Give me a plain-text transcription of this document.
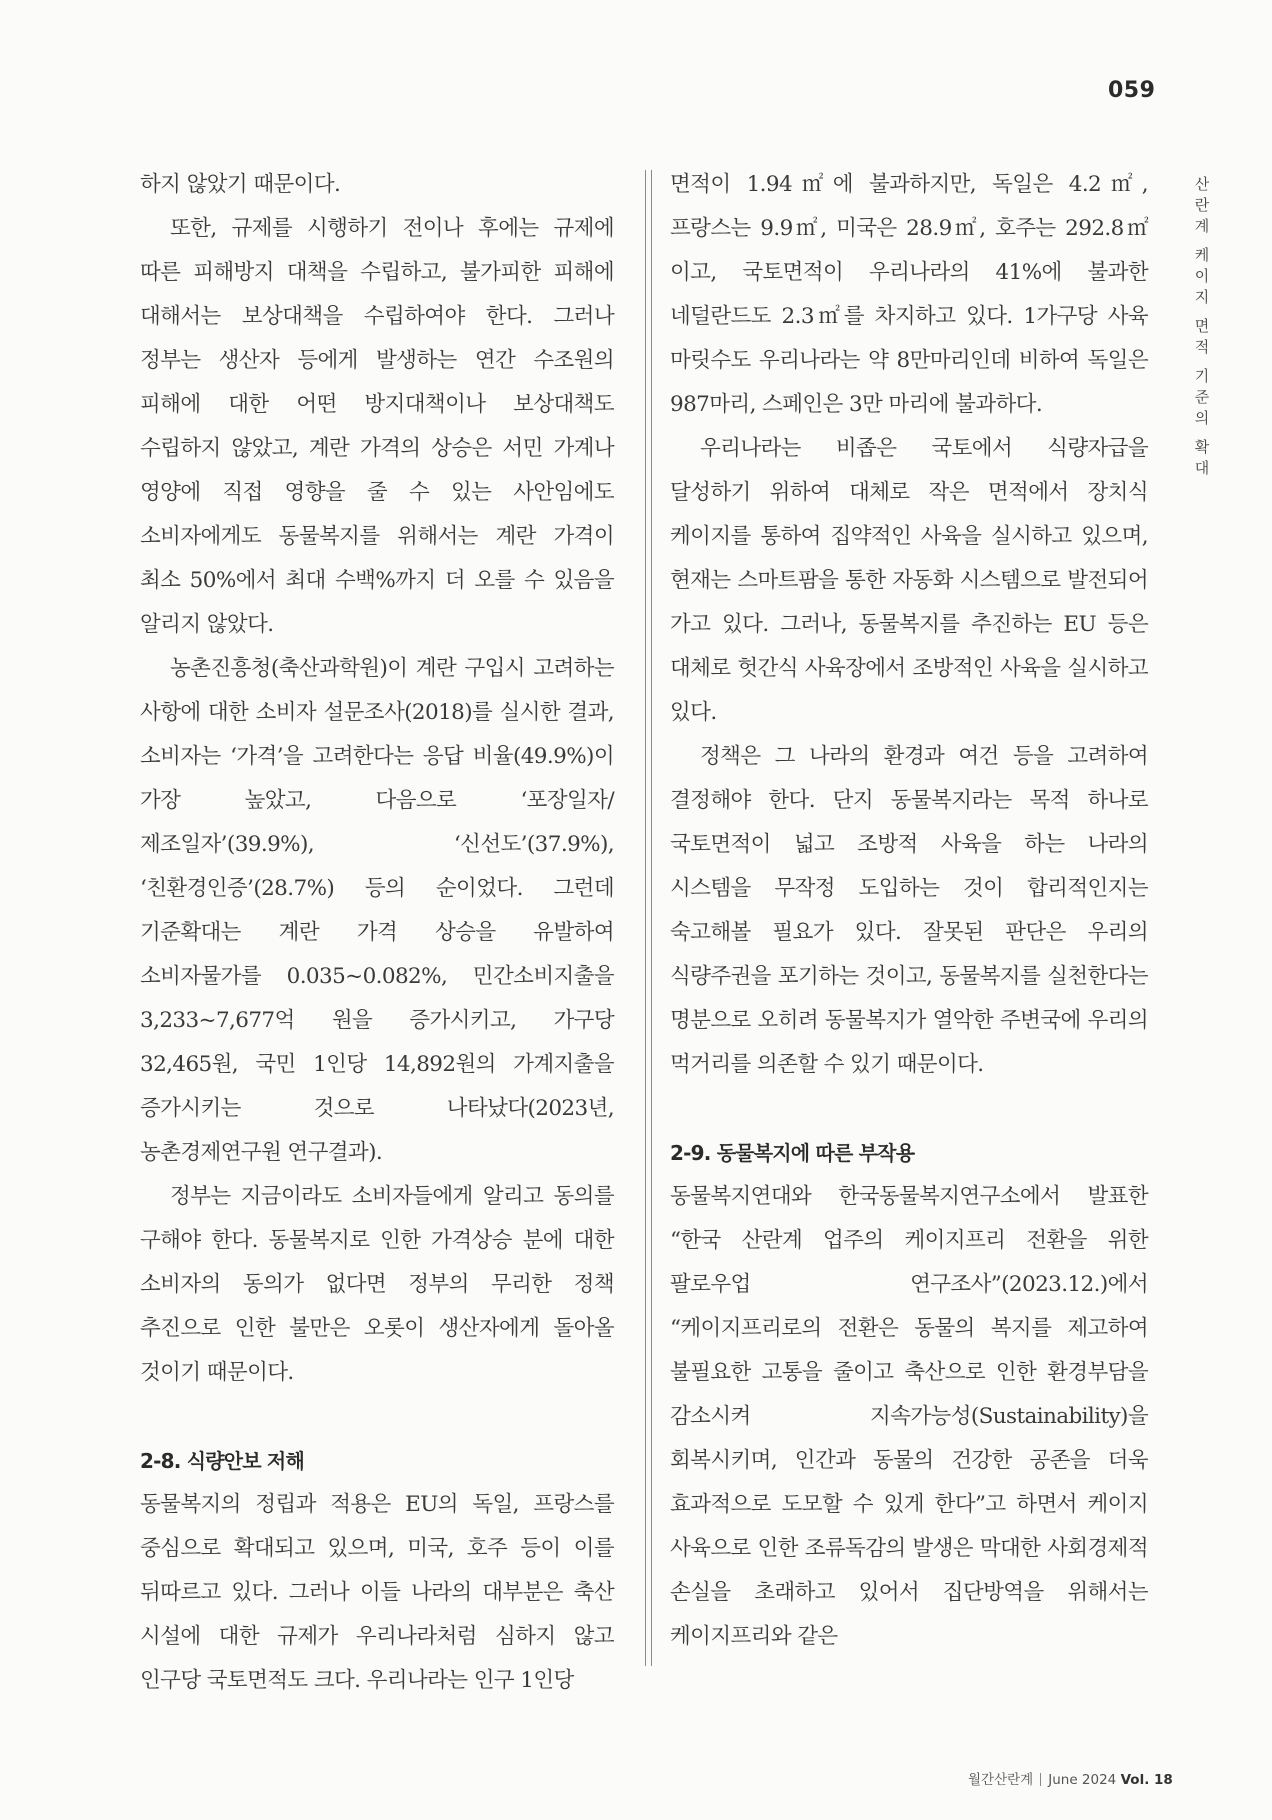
059
산
란
계
케
이
지
면
적
기
준
의
확
대

하지 않았기 때문이다.

또한, 규제를 시행하기 전이나 후에는 규제에 따른 피해방지 대책을 수립하고, 불가피한 피해에 대해서는 보상대책을 수립하여야 한다. 그러나 정부는 생산자 등에게 발생하는 연간 수조원의 피해에 대한 어떤 방지대책이나 보상대책도 수립하지 않았고, 계란 가격의 상승은 서민 가계나 영양에 직접 영향을 줄 수 있는 사안임에도 소비자에게도 동물복지를 위해서는 계란 가격이 최소 50%에서 최대 수백%까지 더 오를 수 있음을 알리지 않았다.

농촌진흥청(축산과학원)이 계란 구입시 고려하는 사항에 대한 소비자 설문조사(2018)를 실시한 결과, 소비자는 ‘가격’을 고려한다는 응답 비율(49.9%)이 가장 높았고, 다음으로 ‘포장일자/제조일자’(39.9%), ‘신선도’(37.9%), ‘친환경인증’(28.7%) 등의 순이었다. 그런데 기준확대는 계란 가격 상승을 유발하여 소비자물가를 0.035~0.082%, 민간소비지출을 3,233~7,677억 원을 증가시키고, 가구당 32,465원, 국민 1인당 14,892원의 가계지출을 증가시키는 것으로 나타났다(2023년, 농촌경제연구원 연구결과).

정부는 지금이라도 소비자들에게 알리고 동의를 구해야 한다. 동물복지로 인한 가격상승 분에 대한 소비자의 동의가 없다면 정부의 무리한 정책 추진으로 인한 불만은 오롯이 생산자에게 돌아올 것이기 때문이다.

2-8. 식량안보 저해

동물복지의 정립과 적용은 EU의 독일, 프랑스를 중심으로 확대되고 있으며, 미국, 호주 등이 이를 뒤따르고 있다. 그러나 이들 나라의 대부분은 축산 시설에 대한 규제가 우리나라처럼 심하지 않고 인구당 국토면적도 크다. 우리나라는 인구 1인당

면적이 1.94㎡에 불과하지만, 독일은 4.2㎡, 프랑스는 9.9㎡, 미국은 28.9㎡, 호주는 292.8㎡이고, 국토면적이 우리나라의 41%에 불과한 네덜란드도 2.3㎡를 차지하고 있다. 1가구당 사육 마릿수도 우리나라는 약 8만마리인데 비하여 독일은 987마리, 스페인은 3만 마리에 불과하다.

우리나라는 비좁은 국토에서 식량자급을 달성하기 위하여 대체로 작은 면적에서 장치식 케이지를 통하여 집약적인 사육을 실시하고 있으며, 현재는 스마트팜을 통한 자동화 시스템으로 발전되어 가고 있다. 그러나, 동물복지를 추진하는 EU 등은 대체로 헛간식 사육장에서 조방적인 사육을 실시하고 있다.

정책은 그 나라의 환경과 여건 등을 고려하여 결정해야 한다. 단지 동물복지라는 목적 하나로 국토면적이 넓고 조방적 사육을 하는 나라의 시스템을 무작정 도입하는 것이 합리적인지는 숙고해볼 필요가 있다. 잘못된 판단은 우리의 식량주권을 포기하는 것이고, 동물복지를 실천한다는 명분으로 오히려 동물복지가 열악한 주변국에 우리의 먹거리를 의존할 수 있기 때문이다.

2-9. 동물복지에 따른 부작용

동물복지연대와 한국동물복지연구소에서 발표한 “한국 산란계 업주의 케이지프리 전환을 위한 팔로우업 연구조사”(2023.12.)에서 “케이지프리로의 전환은 동물의 복지를 제고하여 불필요한 고통을 줄이고 축산으로 인한 환경부담을 감소시켜 지속가능성(Sustainability)을 회복시키며, 인간과 동물의 건강한 공존을 더욱 효과적으로 도모할 수 있게 한다”고 하면서 케이지 사육으로 인한 조류독감의 발생은 막대한 사회경제적 손실을 초래하고 있어서 집단방역을 위해서는 케이지프리와 같은

월간산란계 June 2024 Vol. 18
